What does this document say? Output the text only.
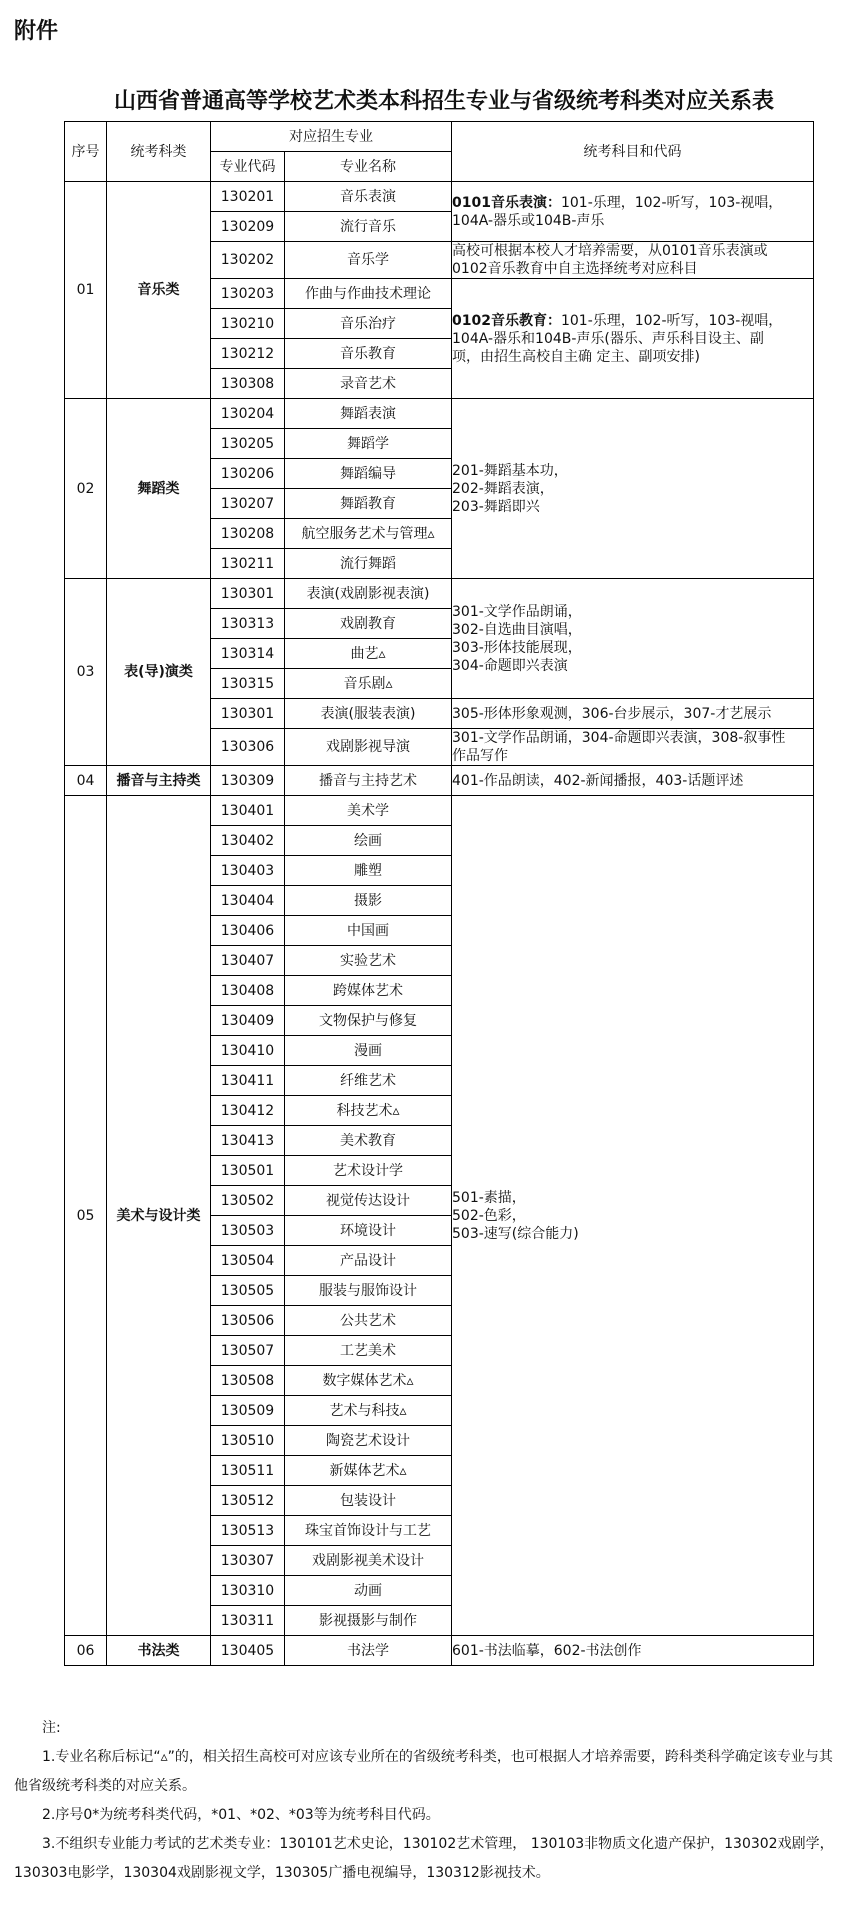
附件
山西省普通高等学校艺术类本科招生专业与省级统考科类对应关系表
序号	统考科类	对应招生专业		统考科目和代码
		专业代码	专业名称	
01	音乐类	130201	音乐表演	0101音乐表演：101-乐理，102-听写，103-视唱，
104A-器乐或104B-声乐
		130209	流行音乐	
		130202	音乐学	高校可根据本校人才培养需要，从0101音乐表演或
0102音乐教育中自主选择统考对应科目
		130203	作曲与作曲技术理论	0102音乐教育：101-乐理，102-听写，103-视唱，
104A-器乐和104B-声乐(器乐、声乐科目设主、副
项，由招生高校自主确 定主、副项安排)
		130210	音乐治疗	
		130212	音乐教育	
		130308	录音艺术	
02	舞蹈类	130204	舞蹈表演	201-舞蹈基本功，
202-舞蹈表演，
203-舞蹈即兴
		130205	舞蹈学	
		130206	舞蹈编导	
		130207	舞蹈教育	
		130208	航空服务艺术与管理▵	
		130211	流行舞蹈	
03	表(导)演类	130301	表演(戏剧影视表演)	301-文学作品朗诵，
302-自选曲目演唱，
303-形体技能展现，
304-命题即兴表演
		130313	戏剧教育	
		130314	曲艺▵	
		130315	音乐剧▵	
		130301	表演(服装表演)	305-形体形象观测，306-台步展示，307-才艺展示
		130306	戏剧影视导演	301-文学作品朗诵，304-命题即兴表演，308-叙事性
作品写作
04	播音与主持类	130309	播音与主持艺术	401-作品朗读，402-新闻播报，403-话题评述
05	美术与设计类	130401	美术学	501-素描，
502-色彩，
503-速写(综合能力)
		130402	绘画	
		130403	雕塑	
		130404	摄影	
		130406	中国画	
		130407	实验艺术	
		130408	跨媒体艺术	
		130409	文物保护与修复	
		130410	漫画	
		130411	纤维艺术	
		130412	科技艺术▵	
		130413	美术教育	
		130501	艺术设计学	
		130502	视觉传达设计	
		130503	环境设计	
		130504	产品设计	
		130505	服装与服饰设计	
		130506	公共艺术	
		130507	工艺美术	
		130508	数字媒体艺术▵	
		130509	艺术与科技▵	
		130510	陶瓷艺术设计	
		130511	新媒体艺术▵	
		130512	包装设计	
		130513	珠宝首饰设计与工艺	
		130307	戏剧影视美术设计	
		130310	动画	
		130311	影视摄影与制作	
06	书法类	130405	书法学	601-书法临摹，602-书法创作

注:

1.专业名称后标记“▵”的，相关招生高校可对应该专业所在的省级统考科类，也可根据人才培养需要，跨科类科学确定该专业与其

他省级统考科类的对应关系。

2.序号0*为统考科类代码，*01、*02、*03等为统考科目代码。

3.不组织专业能力考试的艺术类专业：130101艺术史论，130102艺术管理， 130103非物质文化遗产保护，130302戏剧学，

130303电影学，130304戏剧影视文学，130305广播电视编导，130312影视技术。
